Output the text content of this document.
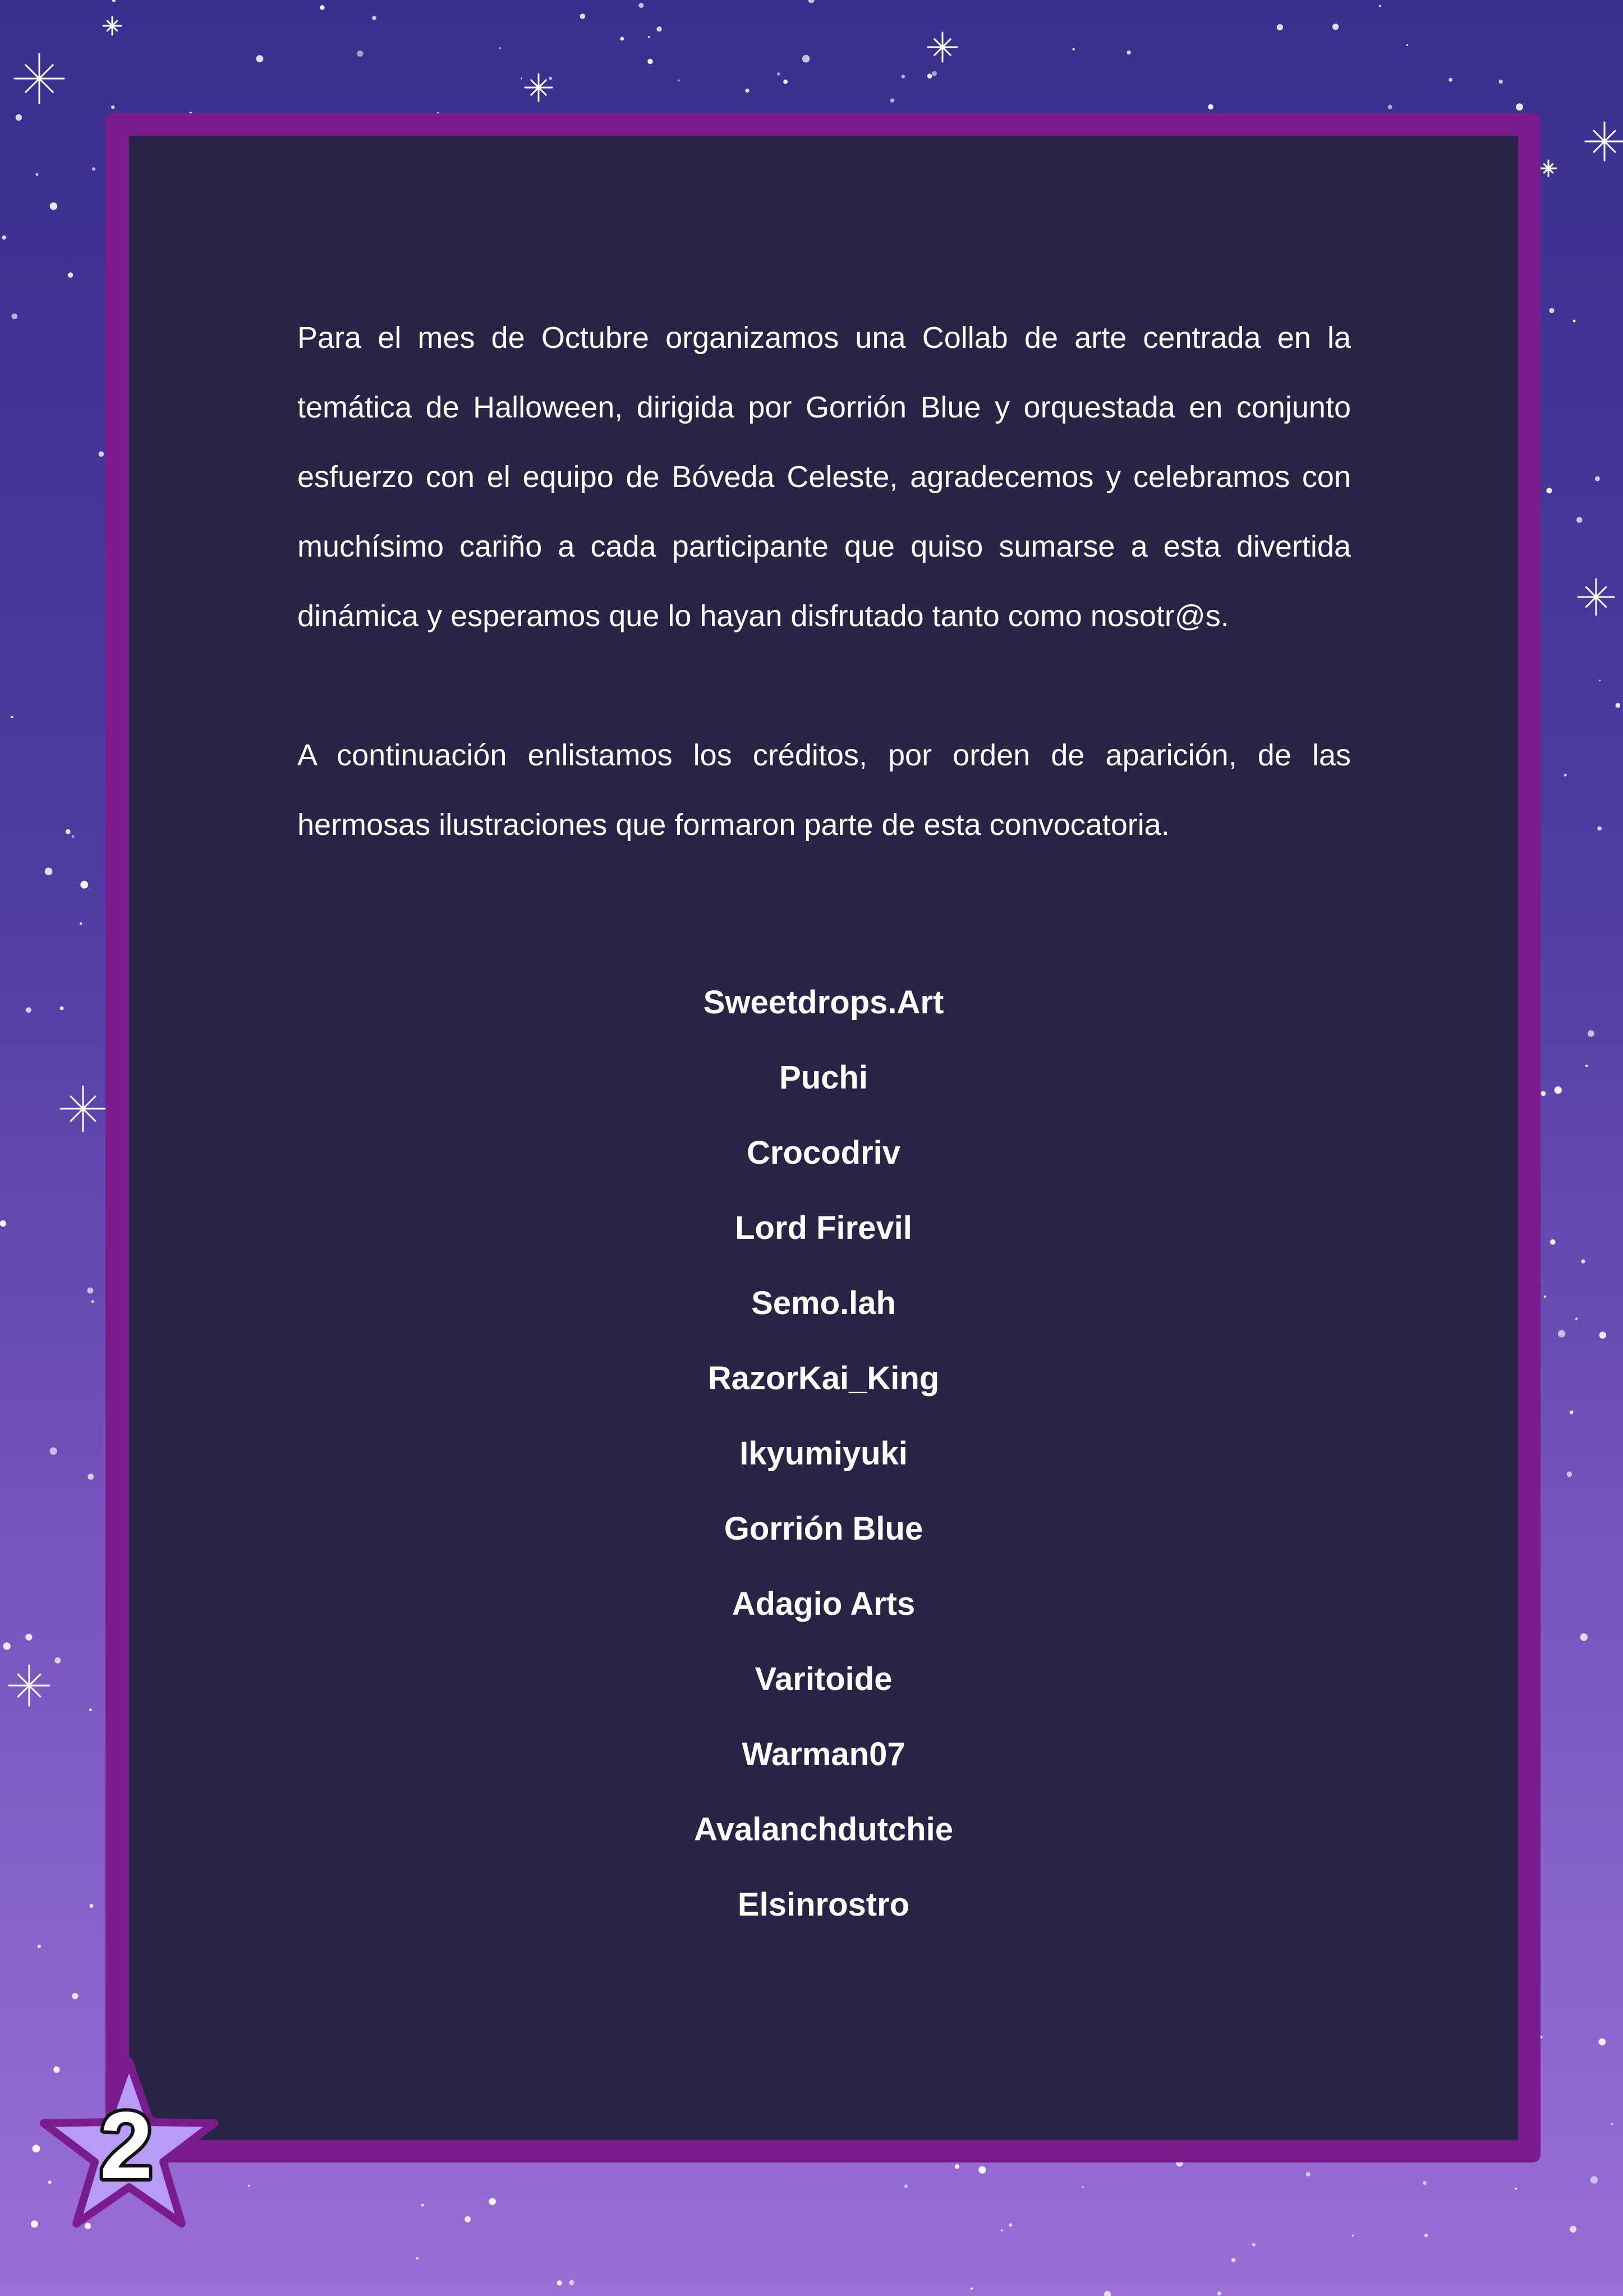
Para el mes de Octubre organizamos una Collab de arte centrada en la temática de Halloween, dirigida por Gorrión Blue y orquestada en conjunto esfuerzo con el equipo de Bóveda Celeste, agradecemos y celebramos con muchísimo cariño a cada participante que quiso sumarse a esta divertida dinámica y esperamos que lo hayan disfrutado tanto como nosotr@s.

A continuación enlistamos los créditos, por orden de aparición, de las hermosas ilustraciones que formaron parte de esta convocatoria.

Sweetdrops.Art
Puchi
Crocodriv
Lord Firevil
Semo.lah
RazorKai_King
Ikyumiyuki
Gorrión Blue
Adagio Arts
Varitoide
Warman07
Avalanchdutchie
Elsinrostro
2
